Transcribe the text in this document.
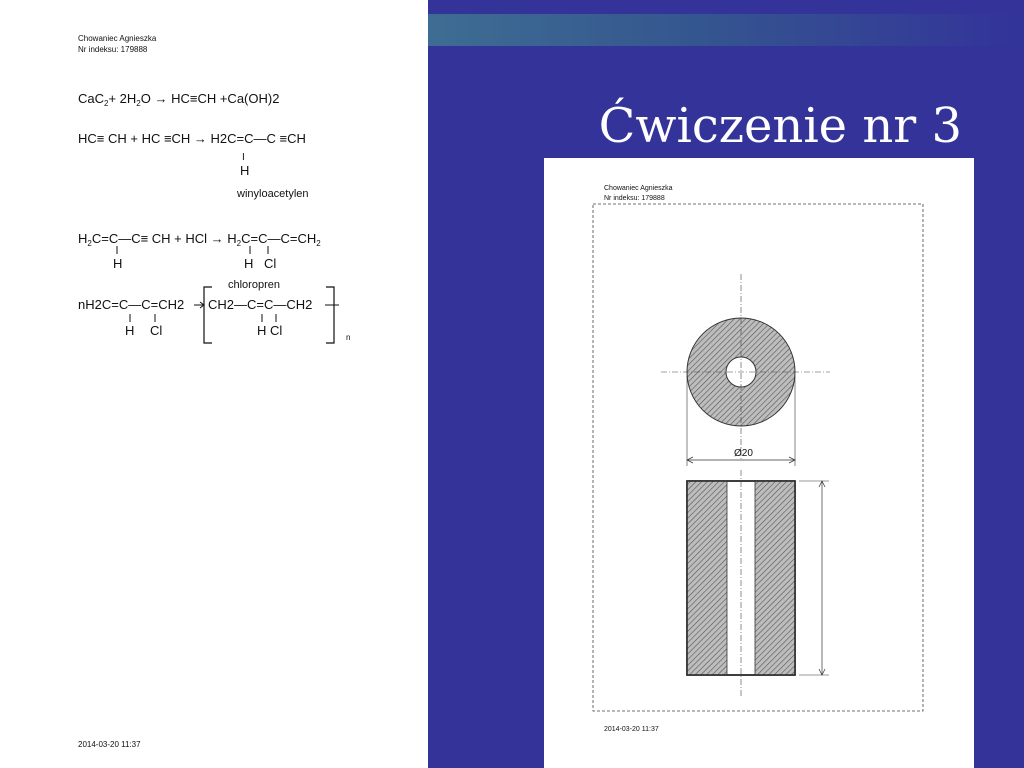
Chowaniec Agnieszka
Nr indeksu: 179888
$CaC_2+ 2H_2O \to HC\equiv CH +Ca(OH)2$
HC≡ CH + HC ≡CH → H2C=C—C ≡CH
I
H
winyloacetylen
$H_2C=C—C\equiv$ CH + HCl → $H_2C=C—C=CH_2$
H	H Cl
chloropren
nH2C=C—C=CH2
H Cl
CH2—C=C—CH2
H Cl	n
2014-03-20 11:37
Ćwiczenie nr 3
Chowaniec Agnieszka
Nr indeksu: 179888
Ø20
2014-03-20 11:37
